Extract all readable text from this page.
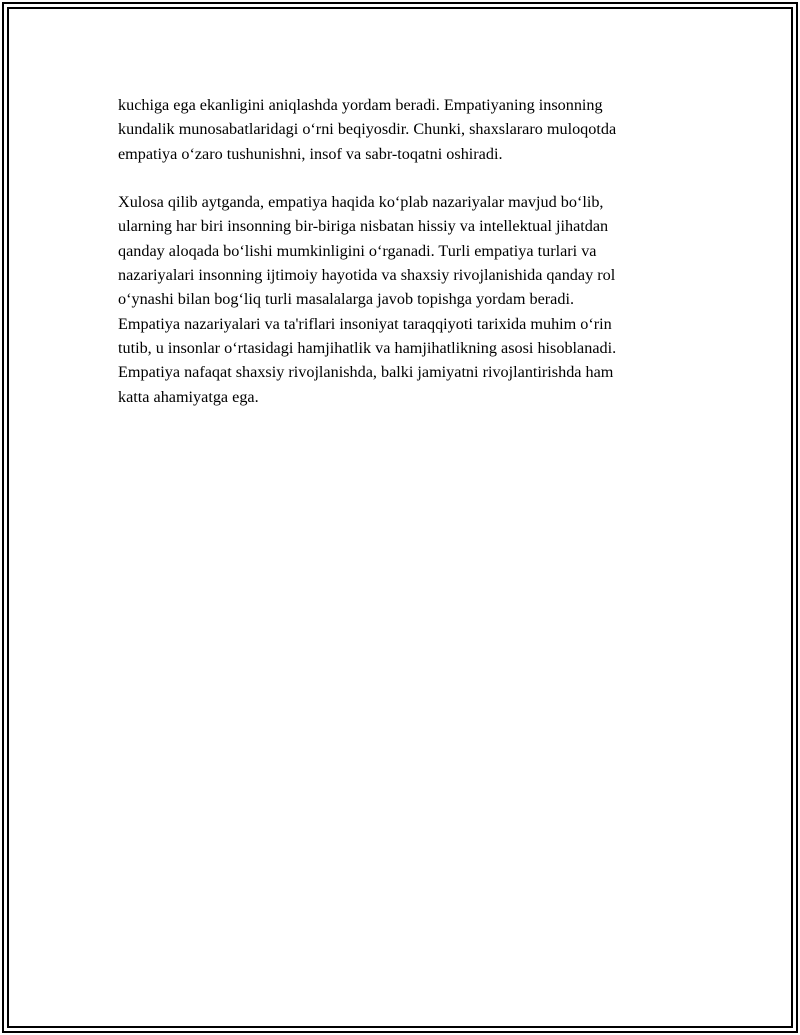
kuchiga ega ekanligini aniqlashda yordam beradi. Empatiyaning insonning
kundalik munosabatlaridagi o‘rni beqiyosdir. Chunki, shaxslararo muloqotda
empatiya o‘zaro tushunishni, insof va sabr-toqatni oshiradi.

Xulosa qilib aytganda, empatiya haqida ko‘plab nazariyalar mavjud bo‘lib,
ularning har biri insonning bir-biriga nisbatan hissiy va intellektual jihatdan
qanday aloqada bo‘lishi mumkinligini o‘rganadi. Turli empatiya turlari va
nazariyalari insonning ijtimoiy hayotida va shaxsiy rivojlanishida qanday rol
o‘ynashi bilan bog‘liq turli masalalarga javob topishga yordam beradi.
Empatiya nazariyalari va ta'riflari insoniyat taraqqiyoti tarixida muhim o‘rin
tutib, u insonlar o‘rtasidagi hamjihatlik va hamjihatlikning asosi hisoblanadi.
Empatiya nafaqat shaxsiy rivojlanishda, balki jamiyatni rivojlantirishda ham
katta ahamiyatga ega.
